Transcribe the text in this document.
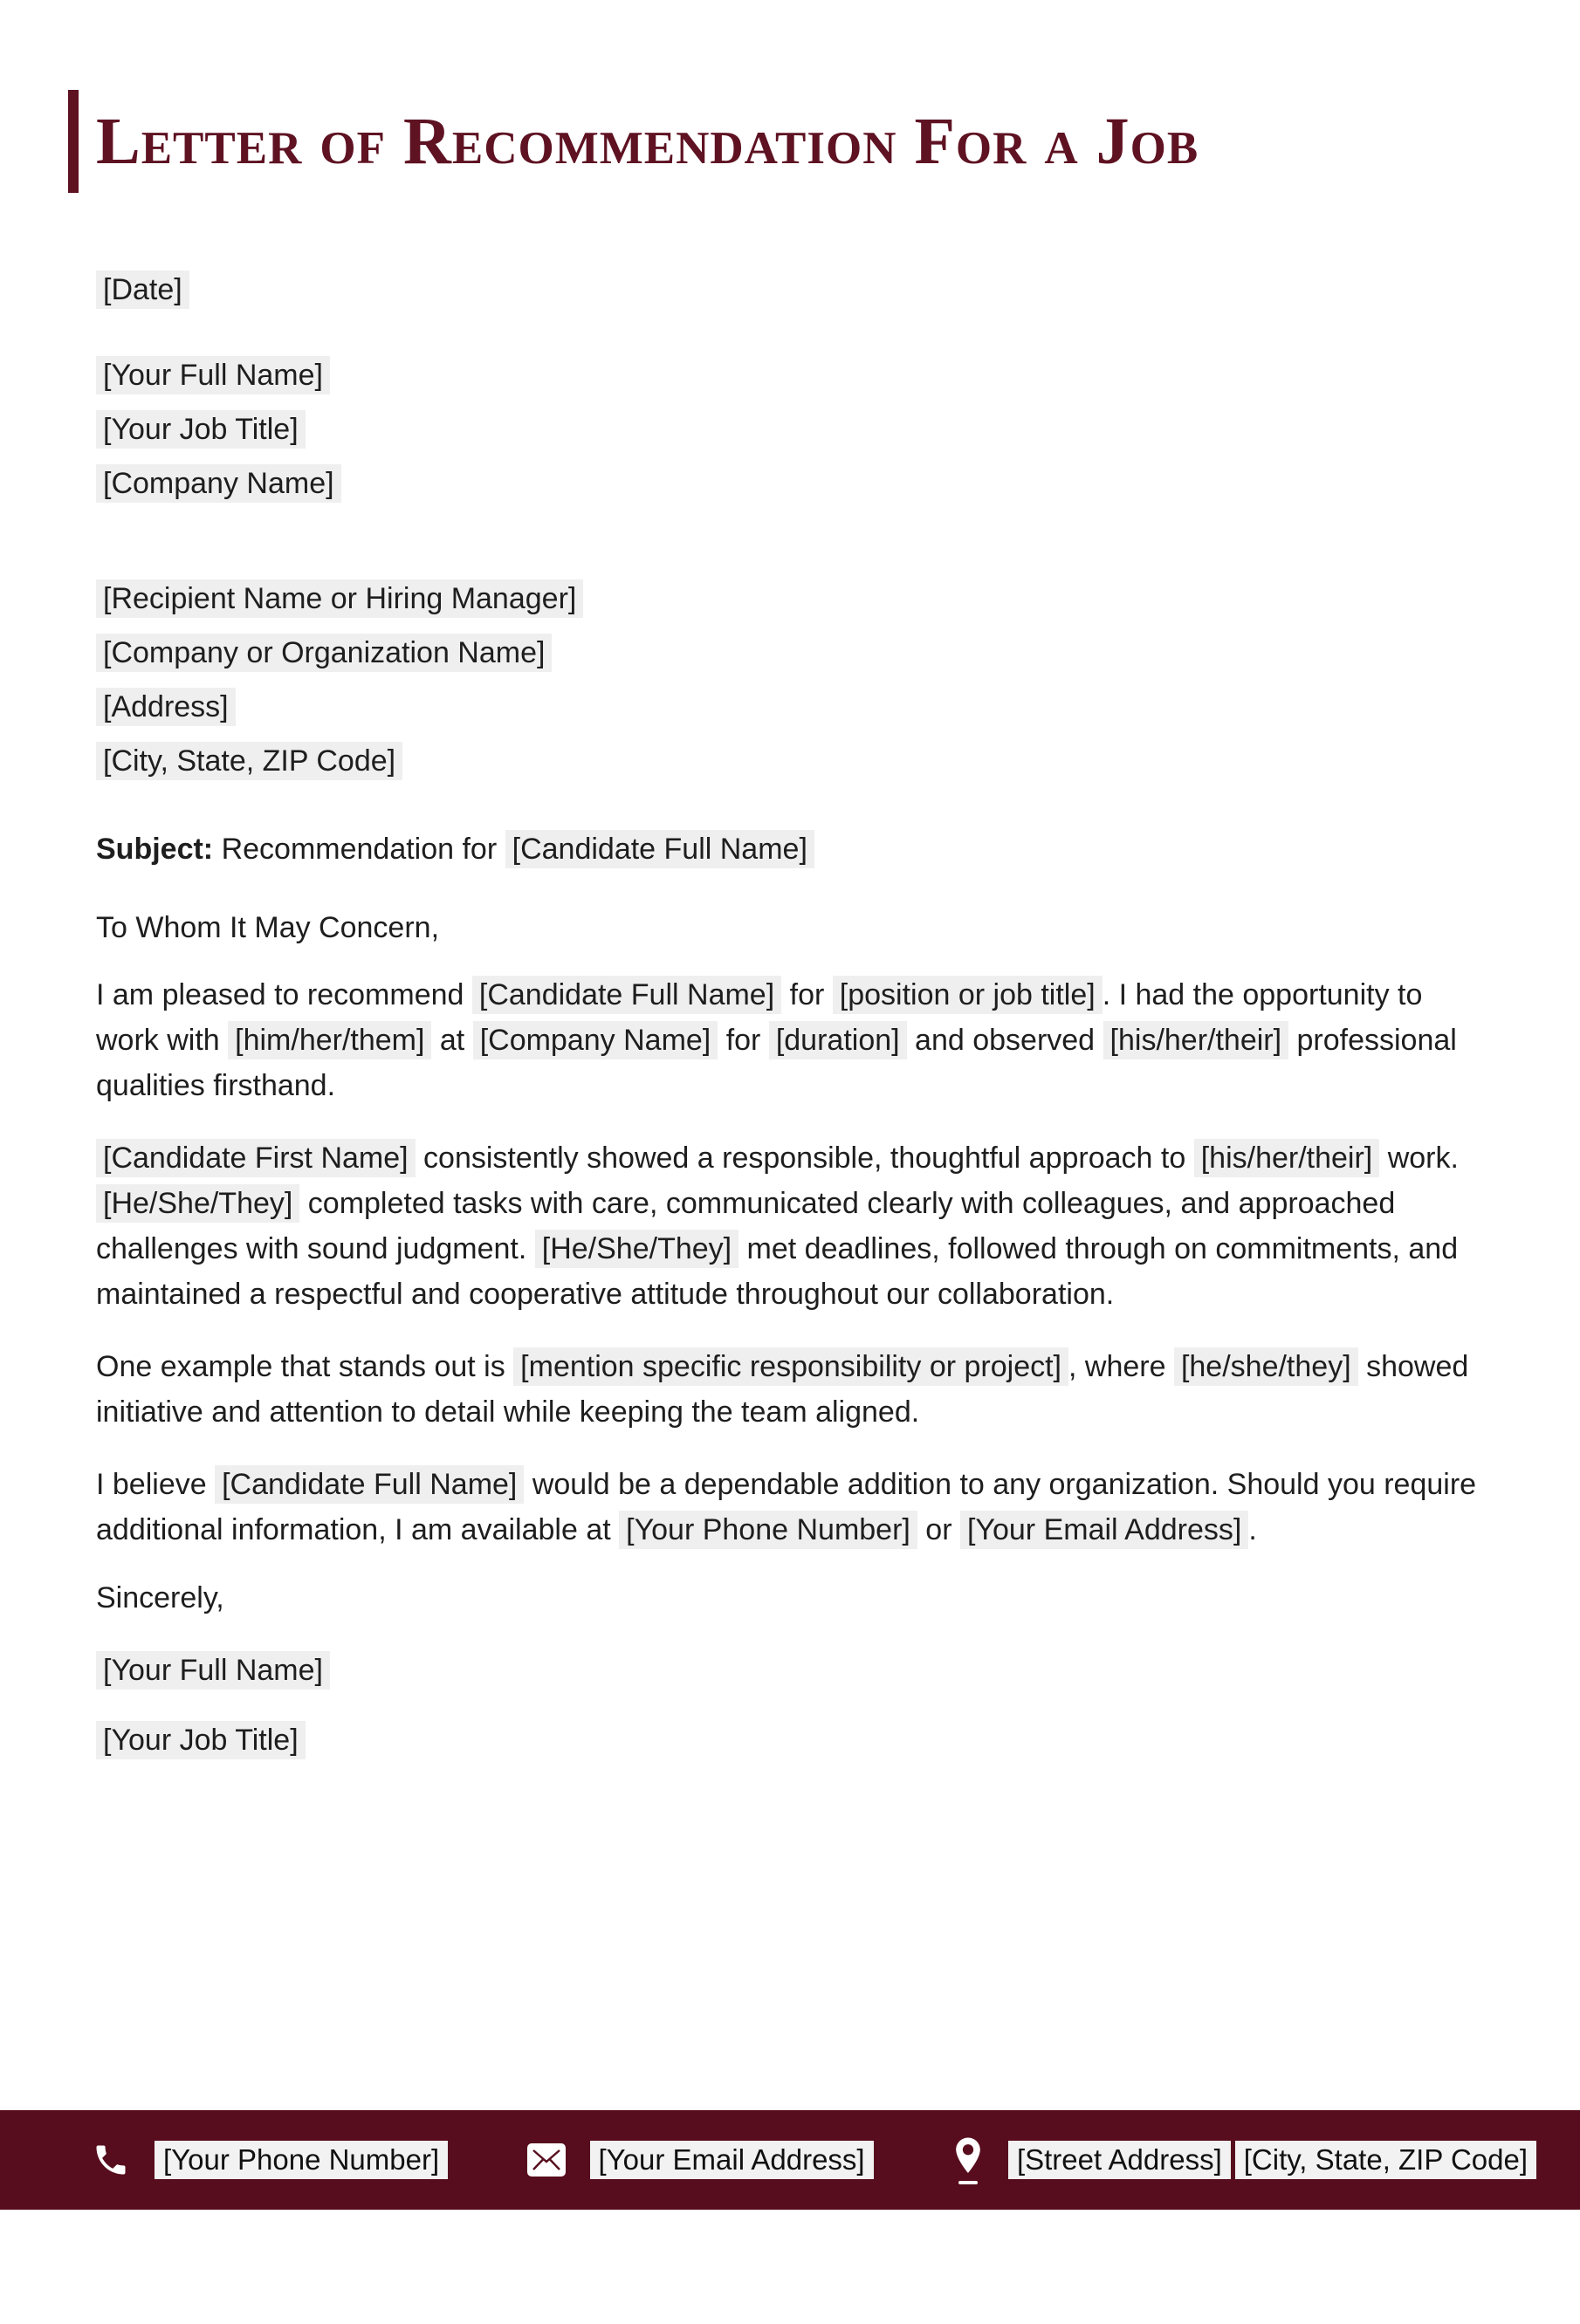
Letter of Recommendation For a Job

[Date]

[Your Full Name]

[Your Job Title]

[Company Name]

[Recipient Name or Hiring Manager]

[Company or Organization Name]

[Address]

[City, State, ZIP Code]

Subject: Recommendation for [Candidate Full Name]

To Whom It May Concern,

I am pleased to recommend [Candidate Full Name] for [position or job title] . I had the opportunity to work with [him/her/them] at [Company Name] for [duration] and observed [his/her/their] professional qualities firsthand.

[Candidate First Name] consistently showed a responsible, thoughtful approach to [his/her/their] work. [He/She/They] completed tasks with care, communicated clearly with colleagues, and approached challenges with sound judgment. [He/She/They] met deadlines, followed through on commitments, and maintained a respectful and cooperative attitude throughout our collaboration.

One example that stands out is [mention specific responsibility or project] , where [he/she/they] showed initiative and attention to detail while keeping the team aligned.

I believe [Candidate Full Name] would be a dependable addition to any organization. Should you require additional information, I am available at [Your Phone Number] or [Your Email Address] .

Sincerely,

[Your Full Name]

[Your Job Title]

[Your Phone Number]	[Your Email Address]	[Street Address] [City, State, ZIP Code]
